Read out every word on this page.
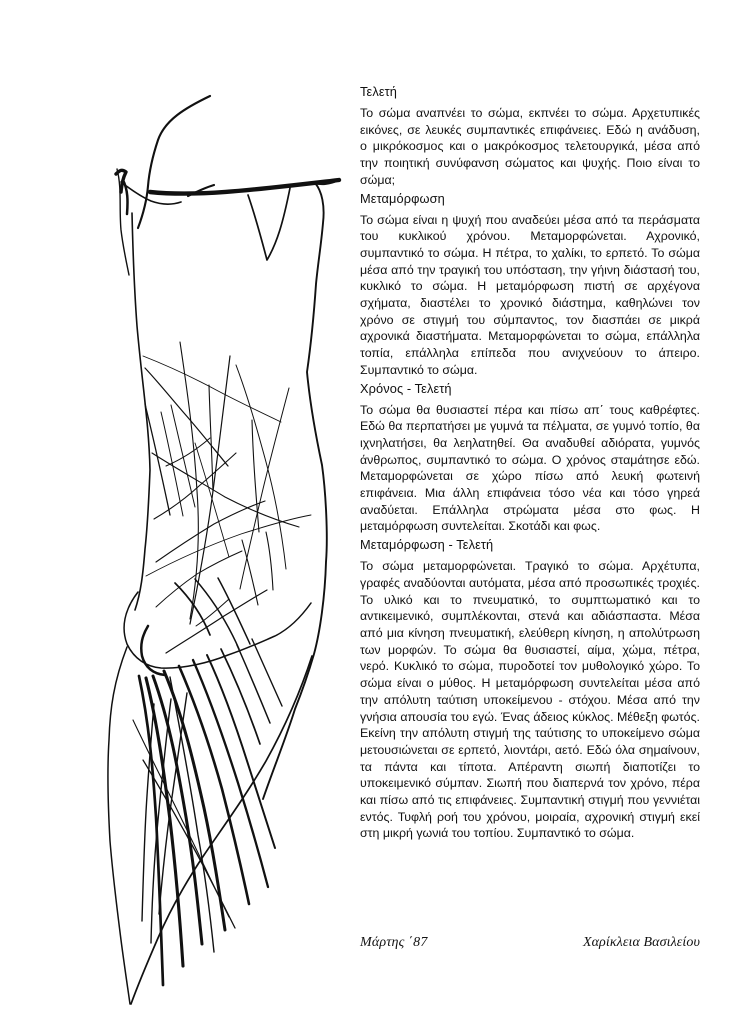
Τελετή

Το σώμα αναπνέει το σώμα, εκπνέει το σώμα. Αρχετυπικές εικόνες, σε λευκές συμπαντικές επιφάνειες. Εδώ η ανάδυση, ο μικρόκοσμος και ο μακρόκοσμος τελετουργικά, μέσα από την ποιητική συνύφανση σώματος και ψυχής. Ποιο είναι το σώμα;

Μεταμόρφωση

Το σώμα είναι η ψυχή που αναδεύει μέσα από τα περάσματα του κυκλικού χρόνου. Μεταμορφώνεται. Αχρονικό, συμπαντικό το σώμα. Η πέτρα, το χαλίκι, το ερπετό. Το σώμα μέσα από την τραγική του υπόσταση, την γήινη διάστασή του, κυκλικό το σώμα. Η μεταμόρφωση πιστή σε αρχέγονα σχήματα, διαστέλει το χρονικό διάστημα, καθηλώνει τον χρόνο σε στιγμή του σύμπαντος, τον διασπάει σε μικρά αχρονικά διαστήματα. Μεταμορφώνεται το σώμα, επάλληλα τοπία, επάλληλα επίπεδα που ανιχνεύουν το άπειρο. Συμπαντικό το σώμα.

Χρόνος - Τελετή

Το σώμα θα θυσιαστεί πέρα και πίσω απ΄ τους καθρέφτες. Εδώ θα περπατήσει με γυμνά τα πέλματα, σε γυμνό τοπίο, θα ιχνηλατήσει, θα λεηλατηθεί. Θα αναδυθεί αδιόρατα, γυμνός άνθρωπος, συμπαντικό το σώμα. Ο χρόνος σταμάτησε εδώ. Μεταμορφώνεται σε χώρο πίσω από λευκή φωτεινή επιφάνεια. Μια άλλη επιφάνεια τόσο νέα και τόσο γηρεά αναδύεται. Επάλληλα στρώματα μέσα στο φως. Η μεταμόρφωση συντελείται. Σκοτάδι και φως.

Μεταμόρφωση - Τελετή

Το σώμα μεταμορφώνεται. Τραγικό το σώμα. Αρχέτυπα, γραφές αναδύονται αυτόματα, μέσα από προσωπικές τροχιές. Το υλικό και το πνευματικό, το συμπτωματικό και το αντικειμενικό, συμπλέκονται, στενά και αδιάσπαστα. Μέσα από μια κίνηση πνευματική, ελεύθερη κίνηση, η απολύτρωση των μορφών. Το σώμα θα θυσιαστεί, αίμα, χώμα, πέτρα, νερό. Κυκλικό το σώμα, πυροδοτεί τον μυθολογικό χώρο. Το σώμα είναι ο μύθος. Η μεταμόρφωση συντελείται μέσα από την απόλυτη ταύτιση υποκείμενου - στόχου. Μέσα από την γνήσια απουσία του εγώ. Ένας άδειος κύκλος. Μέθεξη φωτός. Εκείνη την απόλυτη στιγμή της ταύτισης το υποκείμενο σώμα μετουσιώνεται σε ερπετό, λιοντάρι, αετό. Εδώ όλα σημαίνουν, τα πάντα και τίποτα. Απέραντη σιωπή διαποτίζει το υποκειμενικό σύμπαν. Σιωπή που διαπερνά τον χρόνο, πέρα και πίσω από τις επιφάνειες. Συμπαντική στιγμή που γεννιέται εντός. Τυφλή ροή του χρόνου, μοιραία, αχρονική στιγμή εκεί στη μικρή γωνιά του τοπίου. Συμπαντικό το σώμα.

Μάρτης ΄87	Χαρίκλεια Βασιλείου
